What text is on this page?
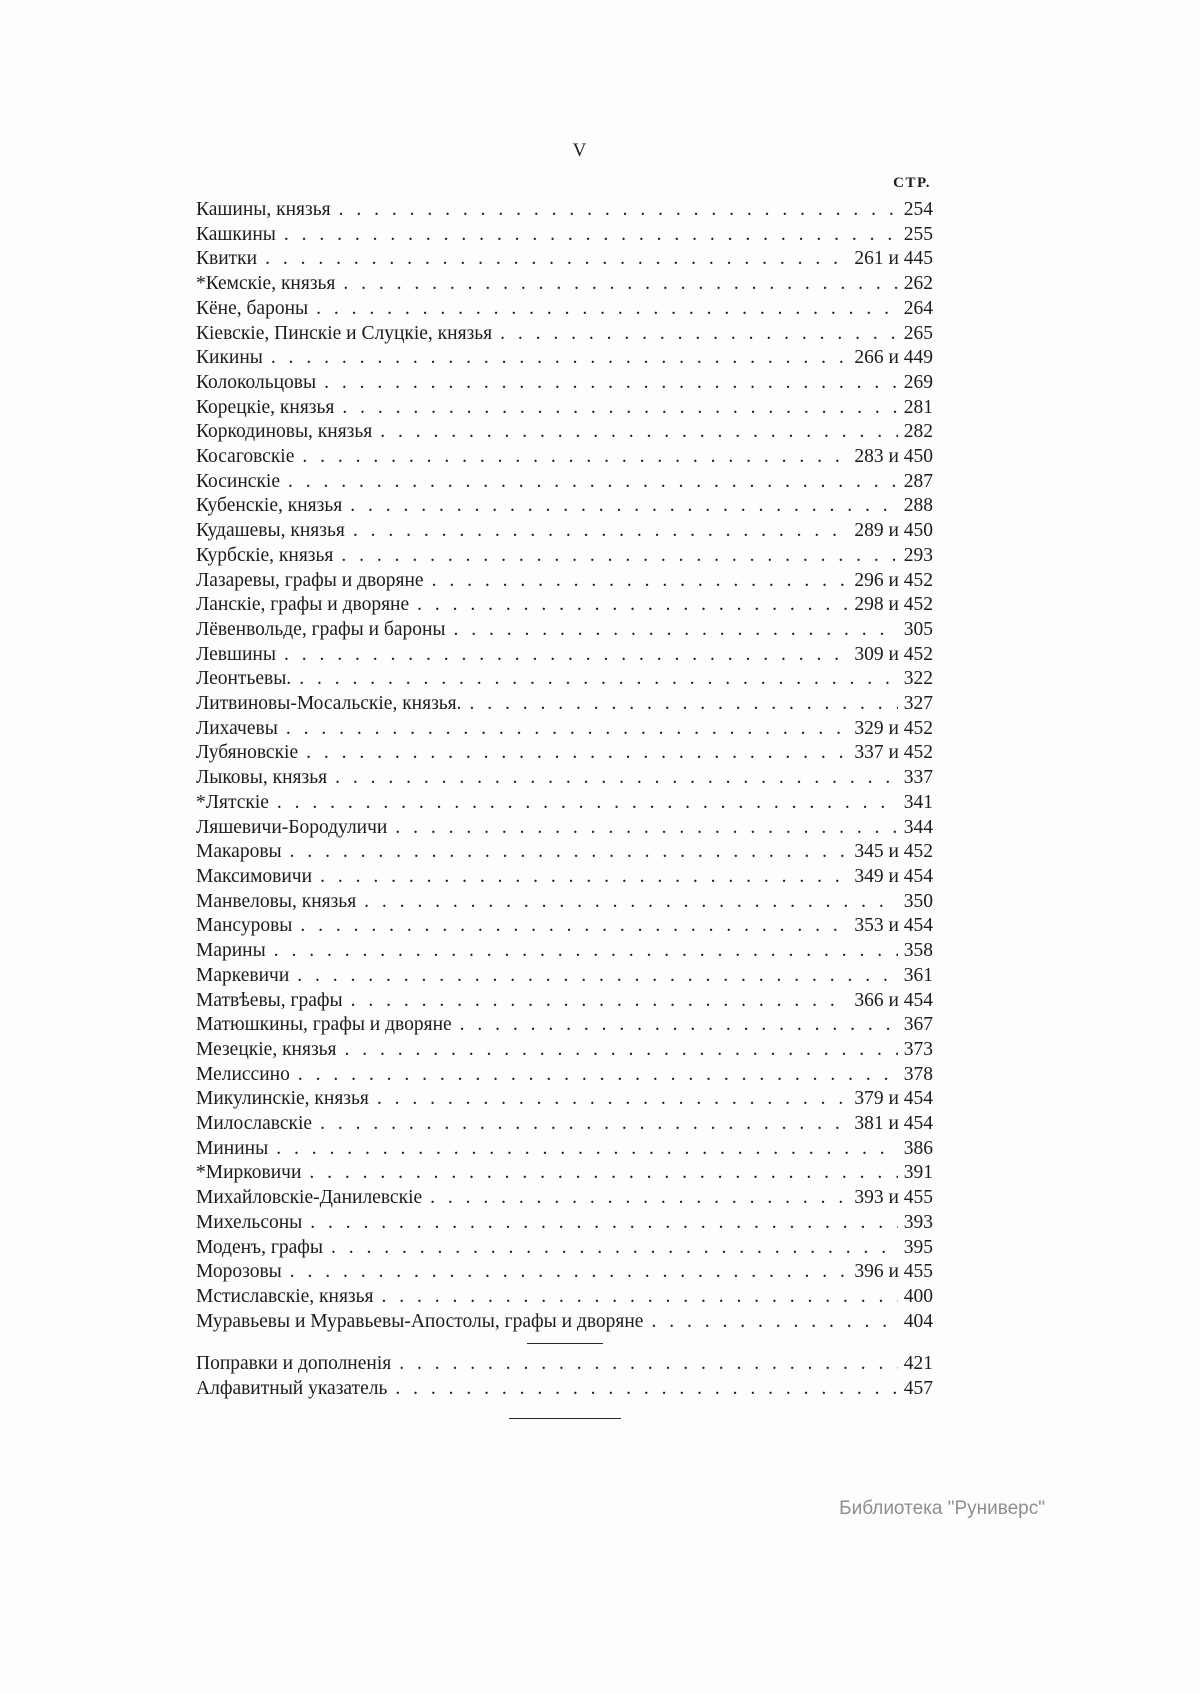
V
СТР.
Кашины, князья . . .	254
Кашкины . . .	255
Квитки . . .	261 и 445
*Кемскіе, князья . . .	262
Кёне, бароны . . .	264
Кіевскіе, Пинскіе и Слуцкіе, князья . . .	265
Кикины . . .	266 и 449
Колокольцовы . . .	269
Корецкіе, князья . . .	281
Коркодиновы, князья . . .	282
Косаговскіе . . .	283 и 450
Косинскіе . . .	287
Кубенскіе, князья . . .	288
Кудашевы, князья . . .	289 и 450
Курбскіе, князья . . .	293
Лазаревы, графы и дворяне . . .	296 и 452
Ланскіе, графы и дворяне . . .	298 и 452
Лёвенвольде, графы и бароны . . .	305
Левшины . . .	309 и 452
Леонтьевы. . . .	322
Литвиновы-Мосальскіе, князья. . . .	327
Лихачевы . . .	329 и 452
Лубяновскіе . . .	337 и 452
Лыковы, князья . . .	337
*Лятскіе . . .	341
Ляшевичи-Бородуличи . . .	344
Макаровы . . .	345 и 452
Максимовичи . . .	349 и 454
Манвеловы, князья . . .	350
Мансуровы . . .	353 и 454
Марины . . .	358
Маркевичи . . .	361
Матвѣевы, графы . . .	366 и 454
Матюшкины, графы и дворяне . . .	367
Мезецкіе, князья . . .	373
Мелиссино . . .	378
Микулинскіе, князья . . .	379 и 454
Милославскіе . . .	381 и 454
Минины . . .	386
*Мирковичи . . .	391
Михайловскіе-Данилевскіе . . .	393 и 455
Михельсоны . . .	393
Моденъ, графы . . .	395
Морозовы . . .	396 и 455
Мстиславскіе, князья . . .	400
Муравьевы и Муравьевы-Апостолы, графы и дворяне . . .	404
Поправки и дополненія . . .	421
Алфавитный указатель . . .	457
Библиотека "Руниверс"
